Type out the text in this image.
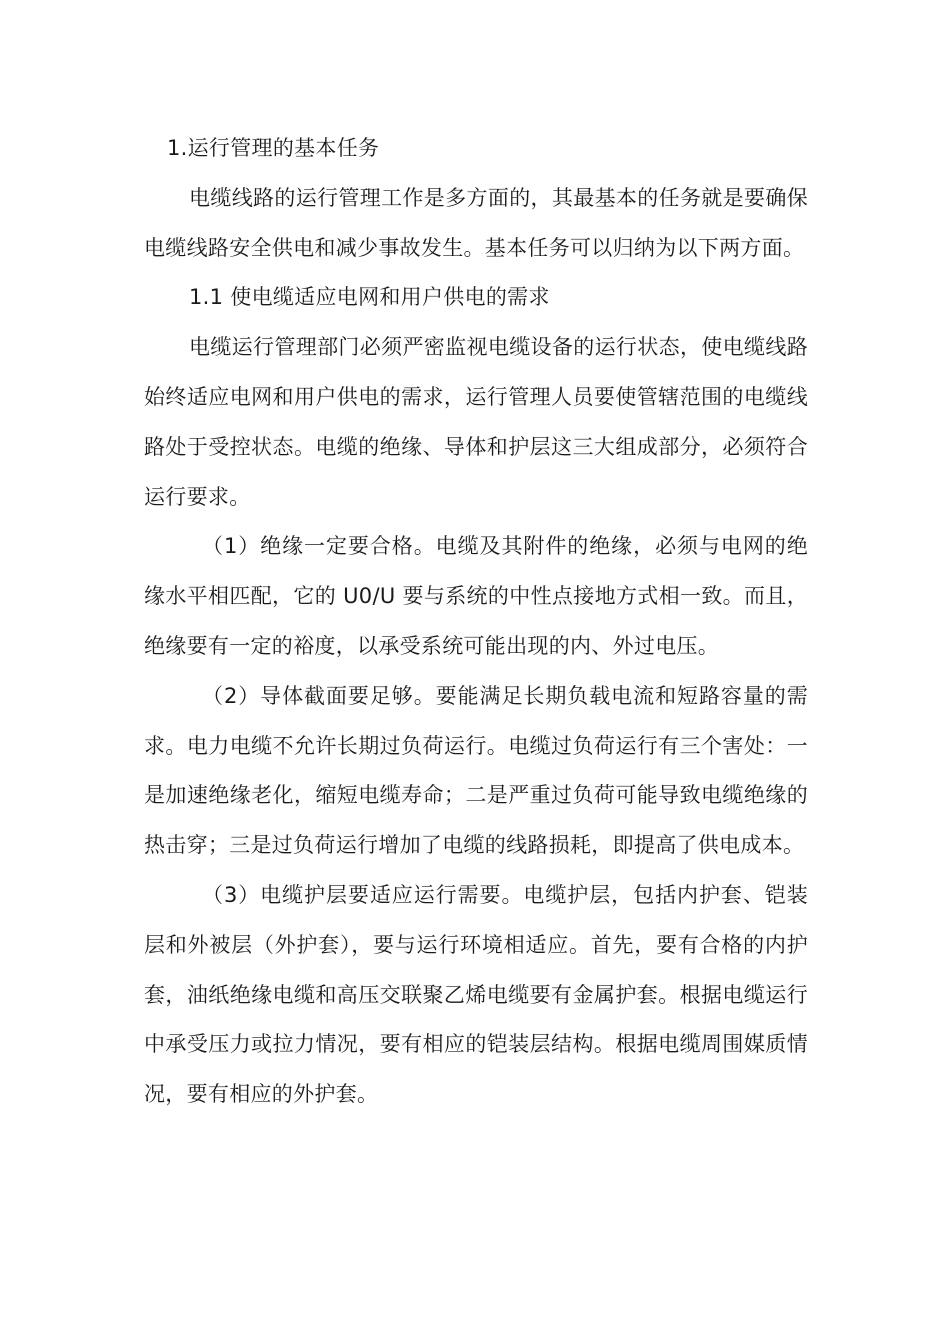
1.运行管理的基本任务

电缆线路的运行管理工作是多方面的，其最基本的任务就是要确保电缆线路安全供电和减少事故发生。基本任务可以归纳为以下两方面。

1.1 使电缆适应电网和用户供电的需求

电缆运行管理部门必须严密监视电缆设备的运行状态，使电缆线路始终适应电网和用户供电的需求，运行管理人员要使管辖范围的电缆线路处于受控状态。电缆的绝缘、导体和护层这三大组成部分，必须符合运行要求。

（1）绝缘一定要合格。电缆及其附件的绝缘，必须与电网的绝缘水平相匹配，它的 U0/U 要与系统的中性点接地方式相一致。而且，绝缘要有一定的裕度，以承受系统可能出现的内、外过电压。

（2）导体截面要足够。要能满足长期负载电流和短路容量的需求。电力电缆不允许长期过负荷运行。电缆过负荷运行有三个害处：一是加速绝缘老化，缩短电缆寿命；二是严重过负荷可能导致电缆绝缘的热击穿；三是过负荷运行增加了电缆的线路损耗，即提高了供电成本。

（3）电缆护层要适应运行需要。电缆护层，包括内护套、铠装层和外被层（外护套），要与运行环境相适应。首先，要有合格的内护套，油纸绝缘电缆和高压交联聚乙烯电缆要有金属护套。根据电缆运行中承受压力或拉力情况，要有相应的铠装层结构。根据电缆周围媒质情况，要有相应的外护套。
